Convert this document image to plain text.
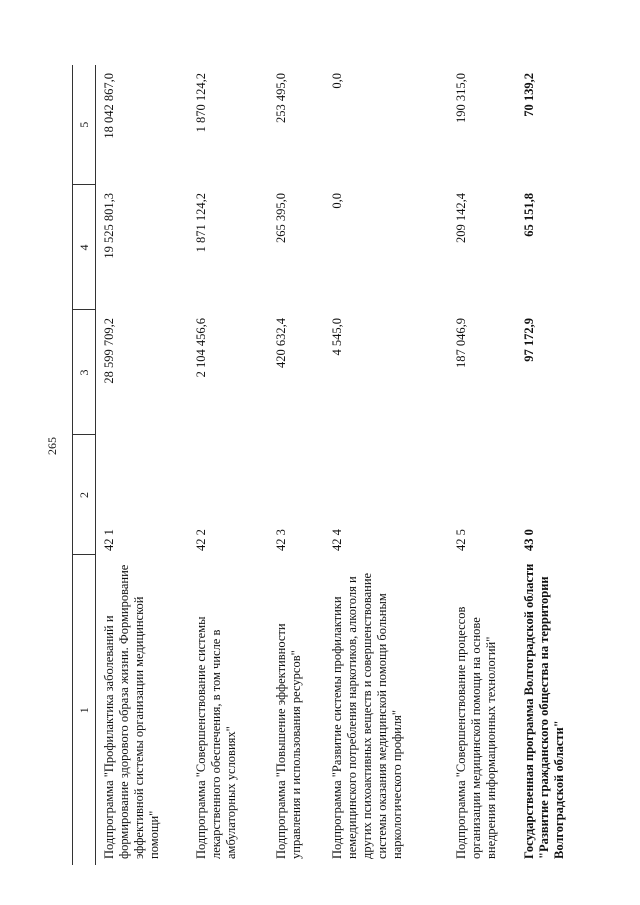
265
1	2	3	4	5
Подпрограмма "Профилактика заболеваний и формирование здорового образа жизни. Формирование эффективной системы организации медицинской помощи"	42 1	28 599 709,2	19 525 801,3	18 042 867,0
Подпрограмма "Совершенствование системы лекарственного обеспечения, в том числе в амбулаторных условиях"	42 2	2 104 456,6	1 871 124,2	1 870 124,2
Подпрограмма "Повышение эффективности управления и использования ресурсов"	42 3	420 632,4	265 395,0	253 495,0
Подпрограмма "Развитие системы профилактики немедицинского потребления наркотиков, алкоголя и других психоактивных веществ и совершенствование системы оказания медицинской помощи больным наркологического профиля"	42 4	4 545,0	0,0	0,0
Подпрограмма "Совершенствование процессов организации медицинской помощи на основе внедрения информационных технологий"	42 5	187 046,9	209 142,4	190 315,0
Государственная программа Волгоградской области "Развитие гражданского общества на территории Волгоградской области"	43 0	97 172,9	65 151,8	70 139,2
